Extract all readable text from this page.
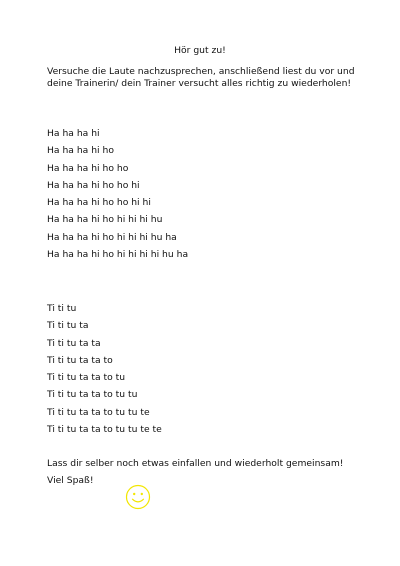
Hör gut zu!
Versuche die Laute nachzusprechen, anschließend liest du vor und
deine Trainerin/ dein Trainer versucht alles richtig zu wiederholen!
Ha ha ha hi
Ha ha ha hi ho
Ha ha ha hi ho ho
Ha ha ha hi ho ho hi
Ha ha ha hi ho ho hi hi
Ha ha ha hi ho hi hi hi hu
Ha ha ha hi ho hi hi hi hu ha
Ha ha ha hi ho hi hi hi hi hu ha
Ti ti tu
Ti ti tu ta
Ti ti tu ta ta
Ti ti tu ta ta to
Ti ti tu ta ta to tu
Ti ti tu ta ta to tu tu
Ti ti tu ta ta to tu tu te
Ti ti tu ta ta to tu tu te te
Lass dir selber noch etwas einfallen und wiederholt gemeinsam!
Viel Spaß!
